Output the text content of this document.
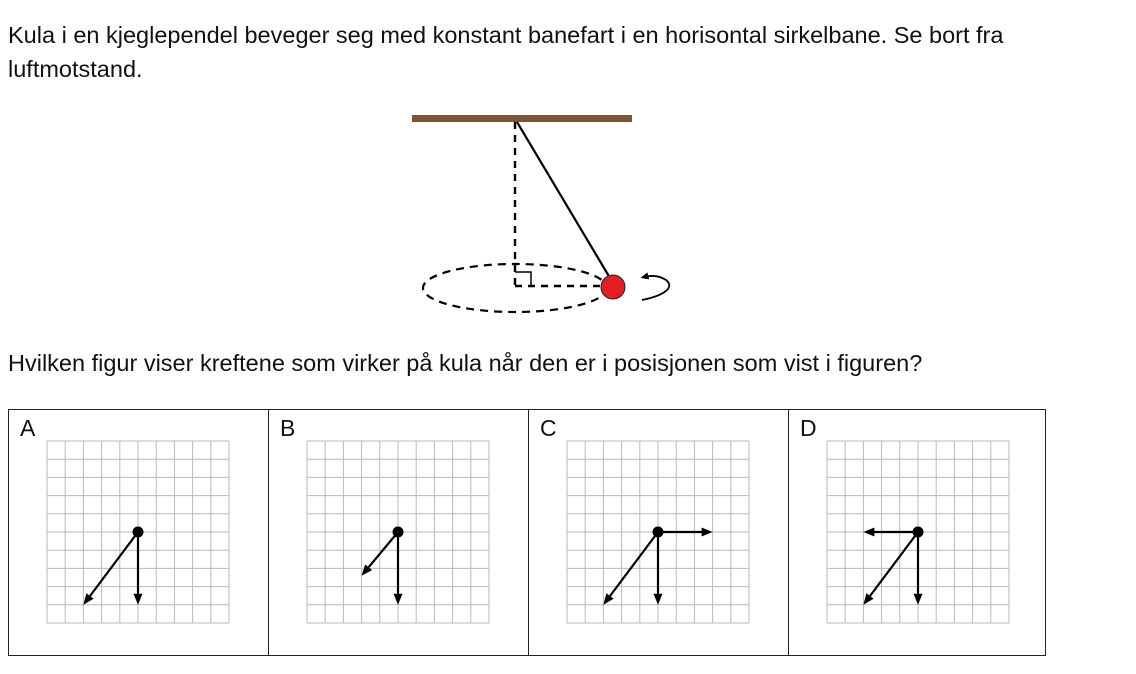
Kula i en kjeglependel beveger seg med konstant banefart i en horisontal sirkelbane. Se bort fra luftmotstand.

Hvilken figur viser kreftene som virker på kula når den er i posisjonen som vist i figuren?

A	B	C	D
